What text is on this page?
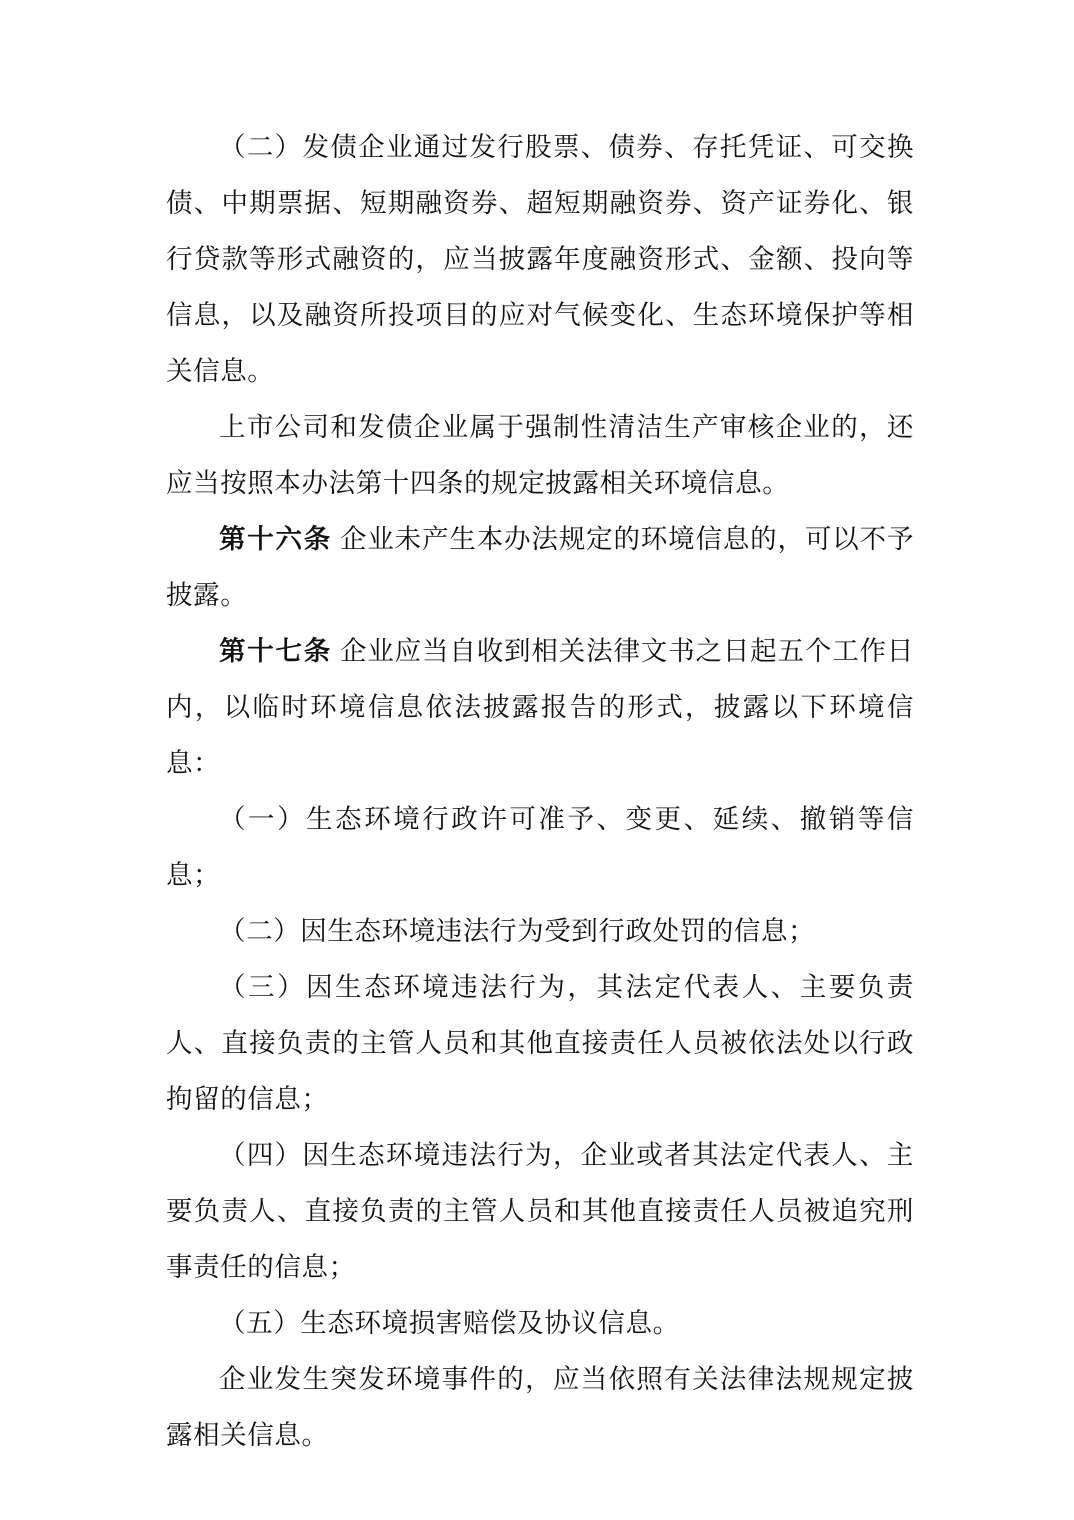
（二）发债企业通过发行股票、债券、存托凭证、可交换债、中期票据、短期融资券、超短期融资券、资产证券化、银行贷款等形式融资的，应当披露年度融资形式、金额、投向等信息，以及融资所投项目的应对气候变化、生态环境保护等相关信息。

上市公司和发债企业属于强制性清洁生产审核企业的，还应当按照本办法第十四条的规定披露相关环境信息。

第十六条 企业未产生本办法规定的环境信息的，可以不予披露。

第十七条 企业应当自收到相关法律文书之日起五个工作日内，以临时环境信息依法披露报告的形式，披露以下环境信息：

（一）生态环境行政许可准予、变更、延续、撤销等信息；

（二）因生态环境违法行为受到行政处罚的信息；

（三）因生态环境违法行为，其法定代表人、主要负责人、直接负责的主管人员和其他直接责任人员被依法处以行政拘留的信息；

（四）因生态环境违法行为，企业或者其法定代表人、主要负责人、直接负责的主管人员和其他直接责任人员被追究刑事责任的信息；

（五）生态环境损害赔偿及协议信息。

企业发生突发环境事件的，应当依照有关法律法规规定披露相关信息。
